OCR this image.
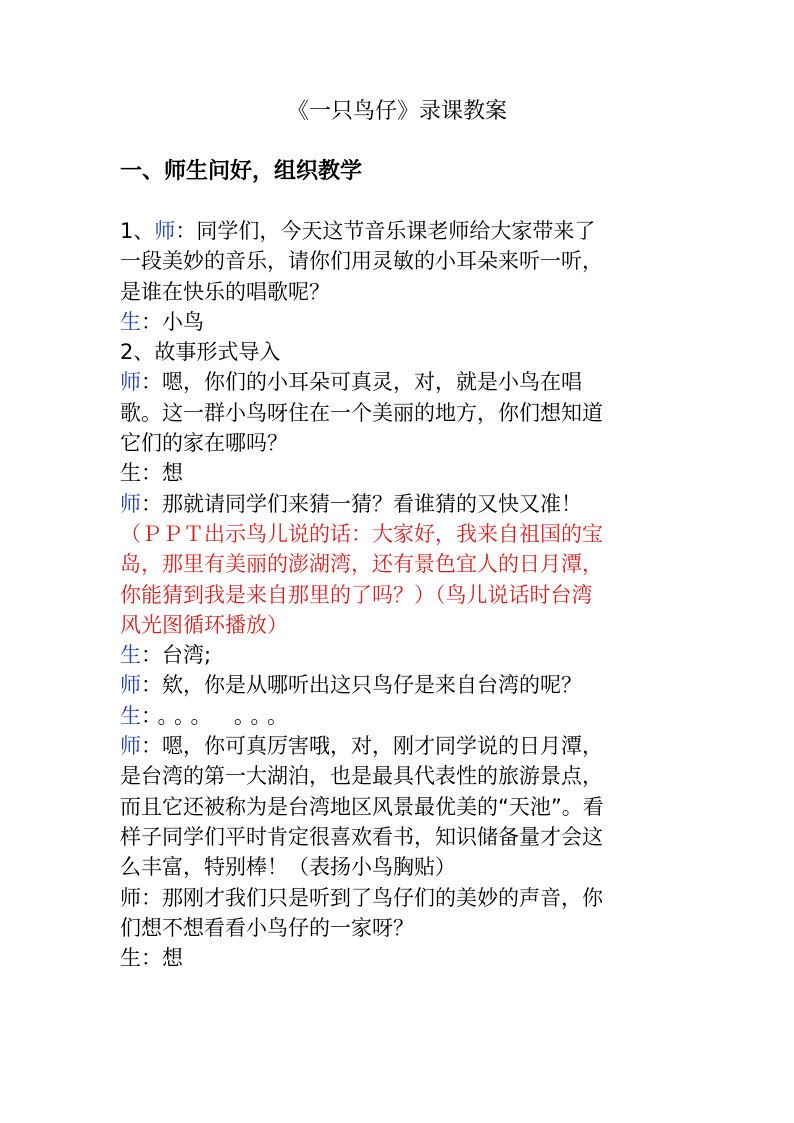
《一只鸟仔》录课教案
一、师生问好，组织教学
1、师：同学们，今天这节音乐课老师给大家带来了
一段美妙的音乐，请你们用灵敏的小耳朵来听一听，
是谁在快乐的唱歌呢？
生：小鸟
2、故事形式导入
师：嗯，你们的小耳朵可真灵，对，就是小鸟在唱
歌。这一群小鸟呀住在一个美丽的地方，你们想知道
它们的家在哪吗？
生：想
师：那就请同学们来猜一猜？看谁猜的又快又准！
（ＰＰＴ出示鸟儿说的话：大家好，我来自祖国的宝
岛，那里有美丽的澎湖湾，还有景色宜人的日月潭，
你能猜到我是来自那里的了吗？）（鸟儿说话时台湾
风光图循环播放）
生：台湾;
师：欸，你是从哪听出这只鸟仔是来自台湾的呢？
生：。。。　。。。
师：嗯，你可真厉害哦，对，刚才同学说的日月潭，
是台湾的第一大湖泊，也是最具代表性的旅游景点，
而且它还被称为是台湾地区风景最优美的“天池”。看
样子同学们平时肯定很喜欢看书，知识储备量才会这
么丰富，特别棒！（表扬小鸟胸贴）
师：那刚才我们只是听到了鸟仔们的美妙的声音，你
们想不想看看小鸟仔的一家呀？
生：想
